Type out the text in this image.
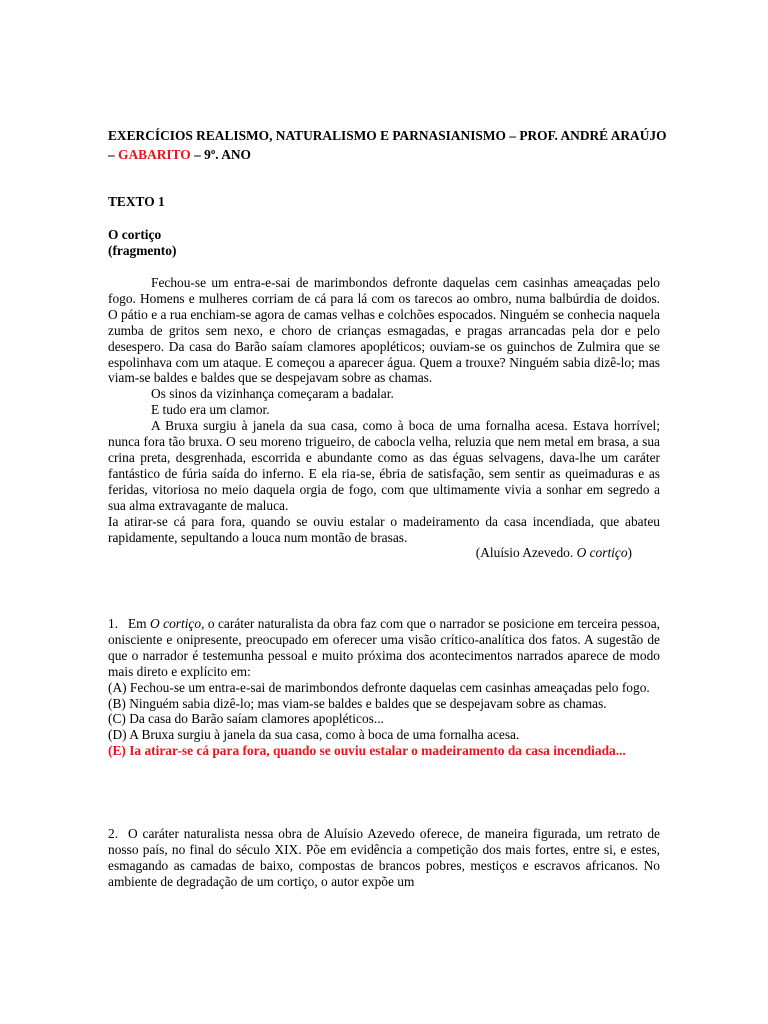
EXERCÍCIOS REALISMO, NATURALISMO E PARNASIANISMO – PROF. ANDRÉ ARAÚJO – GABARITO – 9º. ANO
TEXTO 1
O cortiço
(fragmento)

Fechou-se um entra-e-sai de marimbondos defronte daquelas cem casinhas ameaçadas pelo fogo. Homens e mulheres corriam de cá para lá com os tarecos ao ombro, numa balbúrdia de doidos. O pátio e a rua enchiam-se agora de camas velhas e colchões espocados. Ninguém se conhecia naquela zumba de gritos sem nexo, e choro de crianças esmagadas, e pragas arrancadas pela dor e pelo desespero. Da casa do Barão saíam clamores apopléticos; ouviam-se os guinchos de Zulmira que se espolinhava com um ataque. E começou a aparecer água. Quem a trouxe? Ninguém sabia dizê-lo; mas viam-se baldes e baldes que se despejavam sobre as chamas.

Os sinos da vizinhança começaram a badalar.

E tudo era um clamor.

A Bruxa surgiu à janela da sua casa, como à boca de uma fornalha acesa. Estava horrível; nunca fora tão bruxa. O seu moreno trigueiro, de cabocla velha, reluzia que nem metal em brasa, a sua crina preta, desgrenhada, escorrida e abundante como as das éguas selvagens, dava-lhe um caráter fantástico de fúria saída do inferno. E ela ria-se, ébria de satisfação, sem sentir as queimaduras e as feridas, vitoriosa no meio daquela orgia de fogo, com que ultimamente vivia a sonhar em segredo a sua alma extravagante de maluca.

Ia atirar-se cá para fora, quando se ouviu estalar o madeiramento da casa incendiada, que abateu rapidamente, sepultando a louca num montão de brasas.

(Aluísio Azevedo. O cortiço)

1. Em O cortiço, o caráter naturalista da obra faz com que o narrador se posicione em terceira pessoa, onisciente e onipresente, preocupado em oferecer uma visão crítico-analítica dos fatos. A sugestão de que o narrador é testemunha pessoal e muito próxima dos acontecimentos narrados aparece de modo mais direto e explícito em:

(A) Fechou-se um entra-e-sai de marimbondos defronte daquelas cem casinhas ameaçadas pelo fogo.

(B) Ninguém sabia dizê-lo; mas viam-se baldes e baldes que se despejavam sobre as chamas.

(C) Da casa do Barão saíam clamores apopléticos...

(D) A Bruxa surgiu à janela da sua casa, como à boca de uma fornalha acesa.

(E) Ia atirar-se cá para fora, quando se ouviu estalar o madeiramento da casa incendiada...

2. O caráter naturalista nessa obra de Aluísio Azevedo oferece, de maneira figurada, um retrato de nosso país, no final do século XIX. Põe em evidência a competição dos mais fortes, entre si, e estes, esmagando as camadas de baixo, compostas de brancos pobres, mestiços e escravos africanos. No ambiente de degradação de um cortiço, o autor expõe um
